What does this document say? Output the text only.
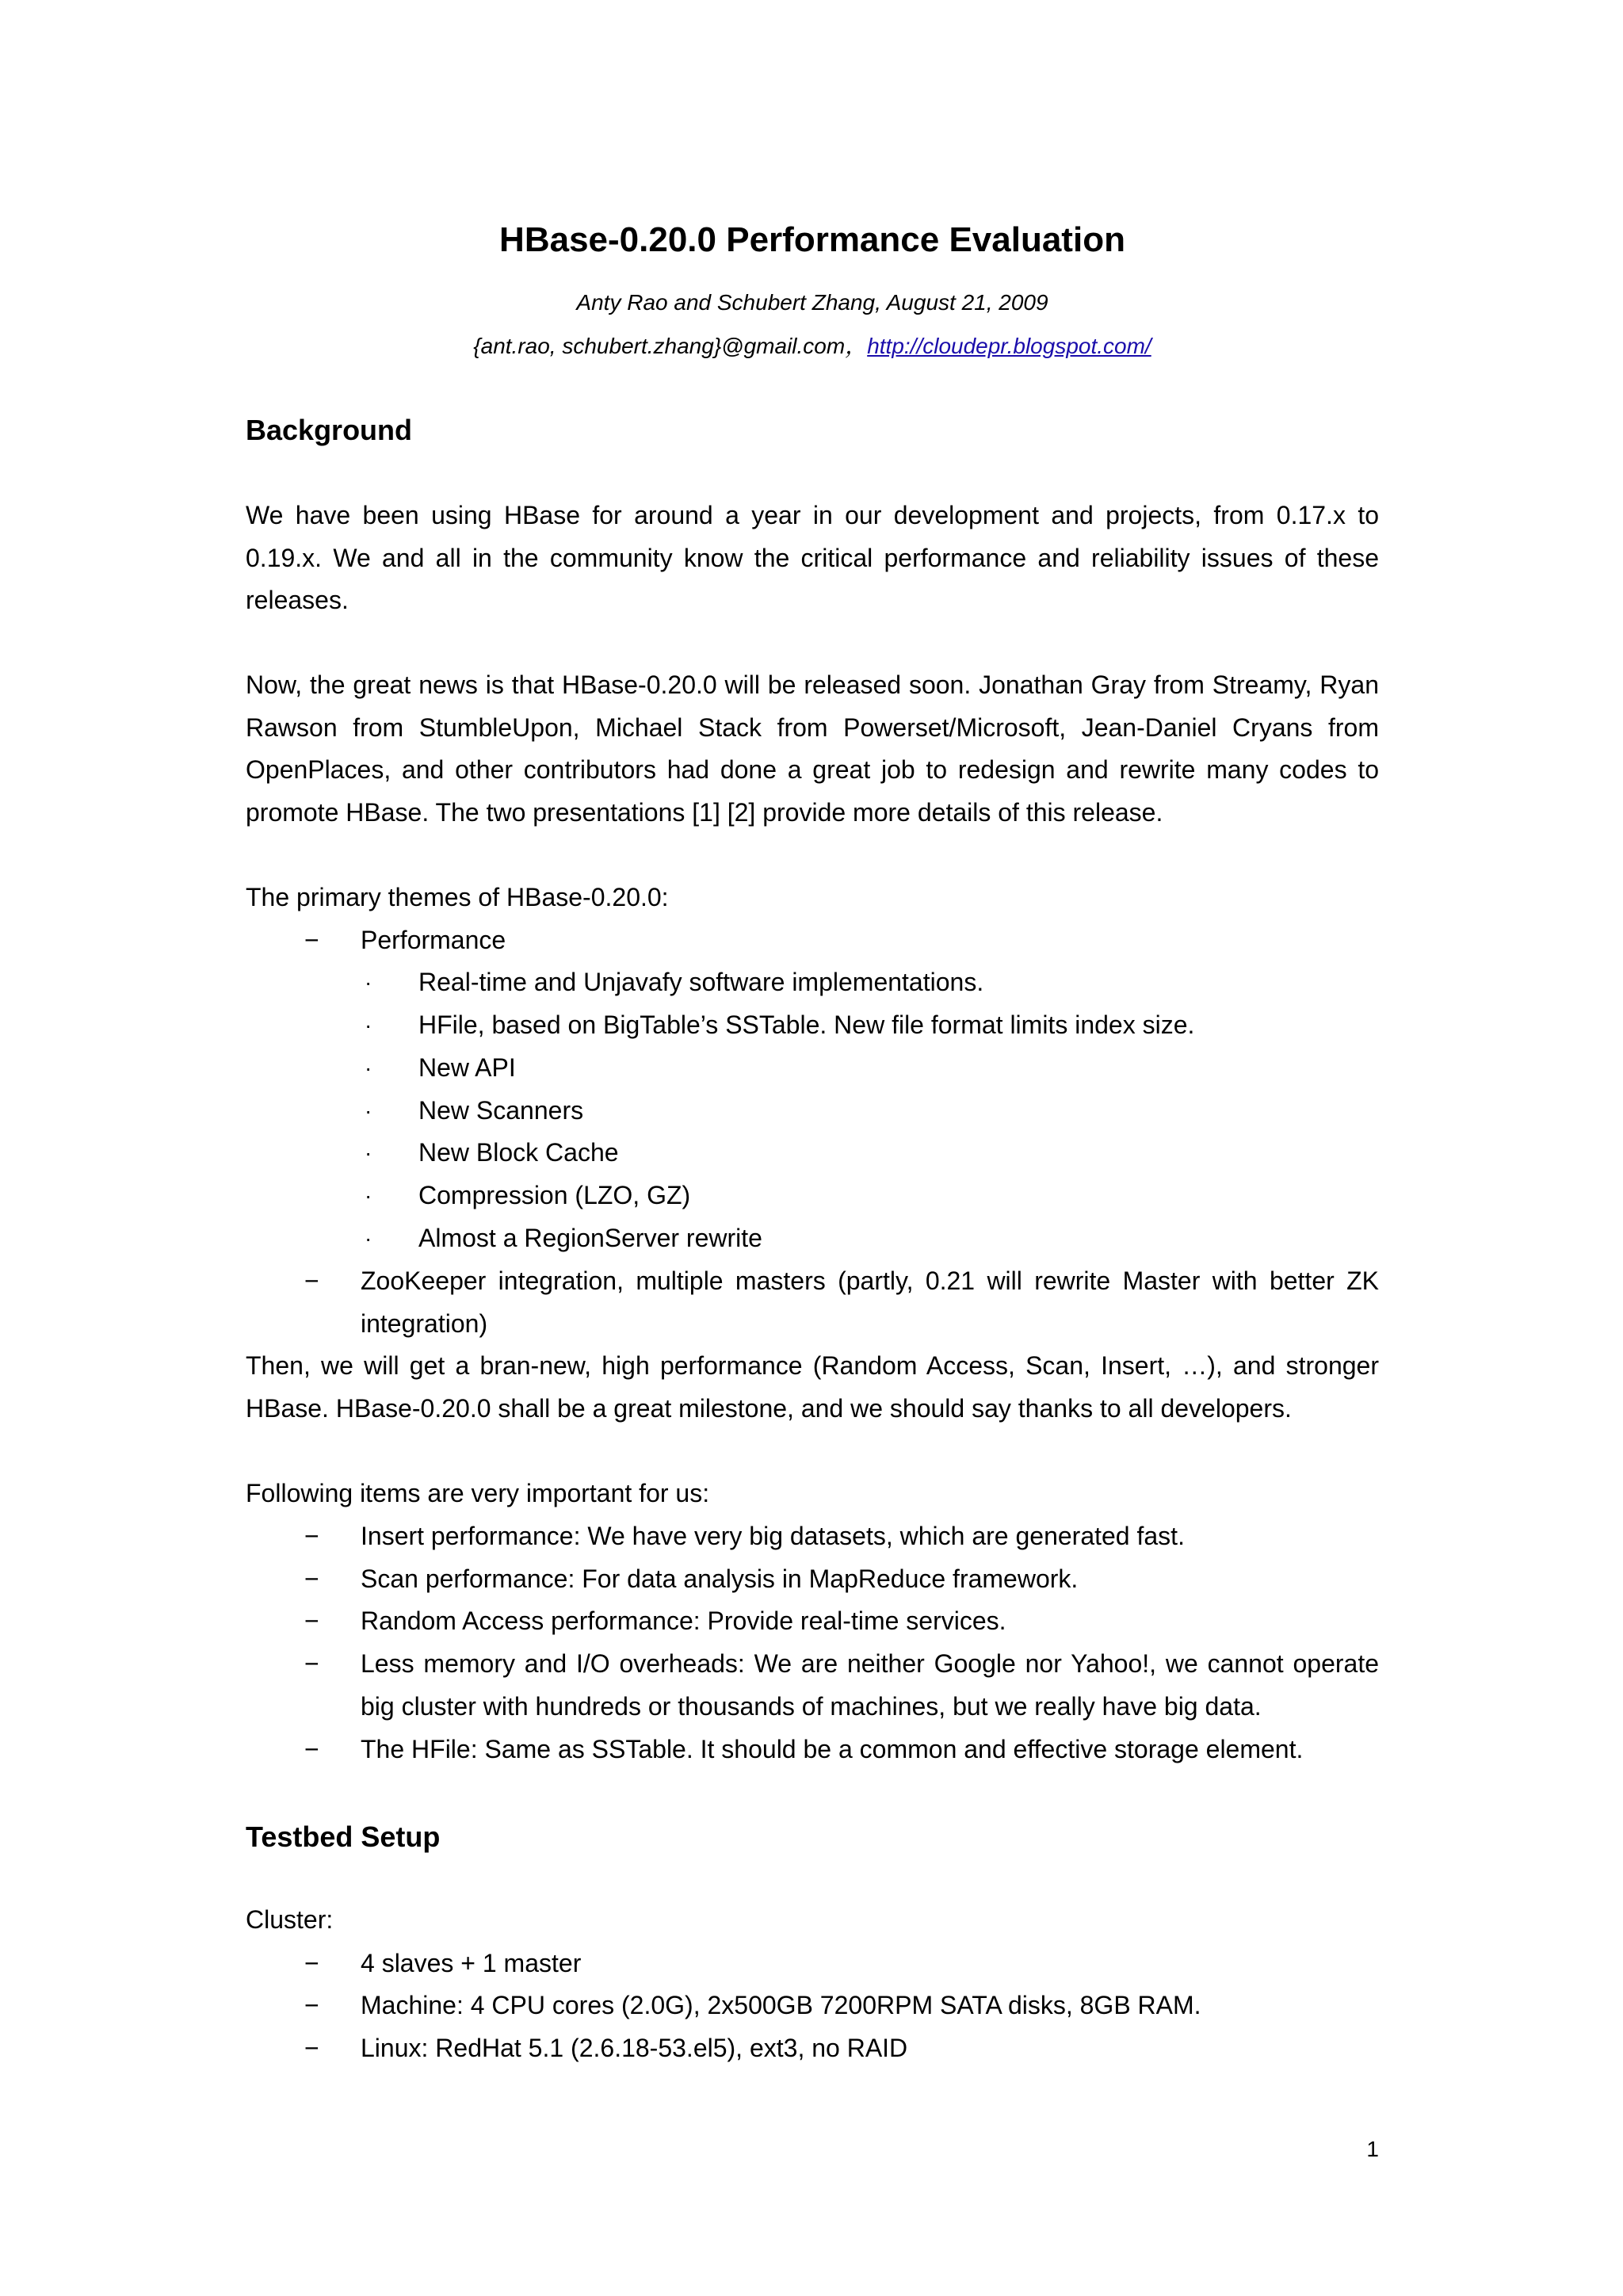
HBase-0.20.0 Performance Evaluation
Anty Rao and Schubert Zhang, August 21, 2009
{ant.rao, schubert.zhang}@gmail.com，http://cloudepr.blogspot.com/
Background
We have been using HBase for around a year in our development and projects, from 0.17.x to 0.19.x. We and all in the community know the critical performance and reliability issues of these releases.
Now, the great news is that HBase-0.20.0 will be released soon. Jonathan Gray from Streamy, Ryan Rawson from StumbleUpon, Michael Stack from Powerset/Microsoft, Jean-Daniel Cryans from OpenPlaces, and other contributors had done a great job to redesign and rewrite many codes to promote HBase. The two presentations [1] [2] provide more details of this release.
The primary themes of HBase-0.20.0:
− Performance
· Real-time and Unjavafy software implementations.
· HFile, based on BigTable’s SSTable. New file format limits index size.
· New API
· New Scanners
· New Block Cache
· Compression (LZO, GZ)
· Almost a RegionServer rewrite
− ZooKeeper integration, multiple masters (partly, 0.21 will rewrite Master with better ZK integration)
Then, we will get a bran-new, high performance (Random Access, Scan, Insert, …), and stronger HBase. HBase-0.20.0 shall be a great milestone, and we should say thanks to all developers.
Following items are very important for us:
− Insert performance: We have very big datasets, which are generated fast.
− Scan performance: For data analysis in MapReduce framework.
− Random Access performance: Provide real-time services.
− Less memory and I/O overheads: We are neither Google nor Yahoo!, we cannot operate big cluster with hundreds or thousands of machines, but we really have big data.
− The HFile: Same as SSTable. It should be a common and effective storage element.
Testbed Setup
Cluster:
− 4 slaves + 1 master
− Machine: 4 CPU cores (2.0G), 2x500GB 7200RPM SATA disks, 8GB RAM.
− Linux: RedHat 5.1 (2.6.18-53.el5), ext3, no RAID
1
